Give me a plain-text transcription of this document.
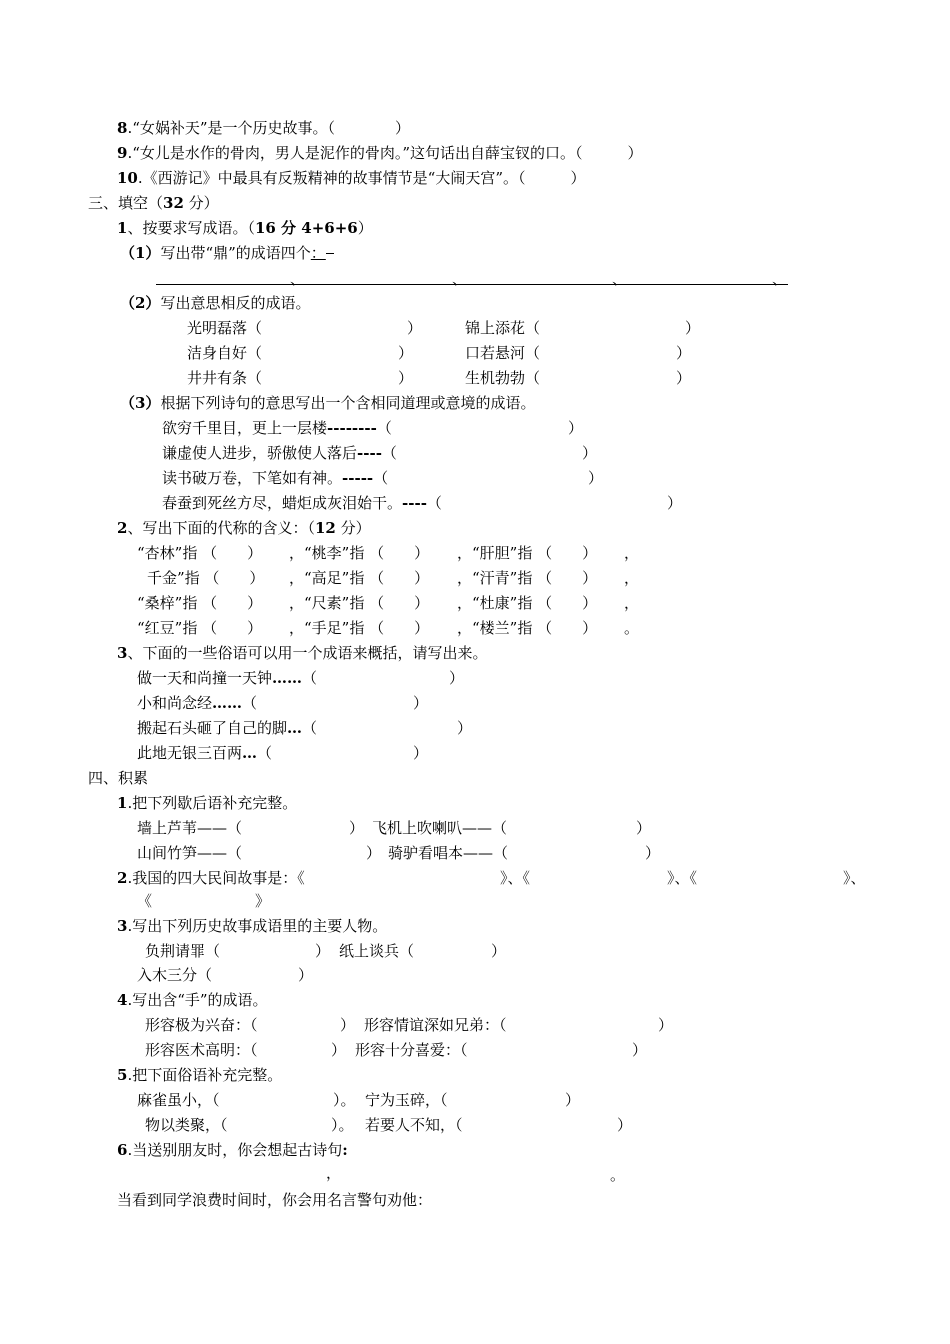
8.“女娲补天”是一个历史故事。（　　　　）
9.“女儿是水作的骨肉，男人是泥作的骨肉。”这句话出自薛宝钗的口。（　　　）
10.《西游记》中最具有反叛精神的故事情节是“大闹天宫”。（　　　）
三、填空（32 分）
1、按要求写成语。（16 分 4+6+6）
（1）写出带“鼎”的成语四个：
、	、	、	、
（2）写出意思相反的成语。
光明磊落（	）	锦上添花（	）
洁身自好（	）	口若悬河（	）
井井有条（	）	生机勃勃（	）
（3）根据下列诗句的意思写出一个含相同道理或意境的成语。
欲穷千里目，更上一层楼--------（	）
谦虚使人进步，骄傲使人落后----（	）
读书破万卷，下笔如有神。-----（	）
春蚕到死丝方尽，蜡炬成灰泪始干。----（	）
2、写出下面的代称的含义：（12 分）
“杏林”指 （　　） ，“桃李”指 （　　） ，“肝胆”指 （　　） ，
千金”指 （　　） ，“高足”指 （　　） ，“汗青”指 （　　） ，
“桑梓”指 （　　） ，“尺素”指 （　　） ，“杜康”指 （　　） ，
“红豆”指 （　　） ，“手足”指 （　　） ，“楼兰”指 （　　） 。
3、下面的一些俗语可以用一个成语来概括，请写出来。
做一天和尚撞一天钟……（	）
小和尚念经……（	）
搬起石头砸了自己的脚…（	）
此地无银三百两…（	）
四、积累
1.把下列歇后语补充完整。
墙上芦苇——（	） 飞机上吹喇叭——（	）
山间竹笋——（	） 骑驴看唱本——（	）
2.我国的四大民间故事是：《	》、《	》、《	》、
《	》
3.写出下列历史故事成语里的主要人物。
负荆请罪（	） 纸上谈兵（	）
入木三分（	）
4.写出含“手”的成语。
形容极为兴奋：（	） 形容情谊深如兄弟：（	）
形容医术高明：（	） 形容十分喜爱：（	）
5.把下面俗语补充完整。
麻雀虽小，（	）。 宁为玉碎，（	）
物以类聚，（	）。 若要人不知，（	）
6.当送别朋友时，你会想起古诗句:
，	。
当看到同学浪费时间时，你会用名言警句劝他：
